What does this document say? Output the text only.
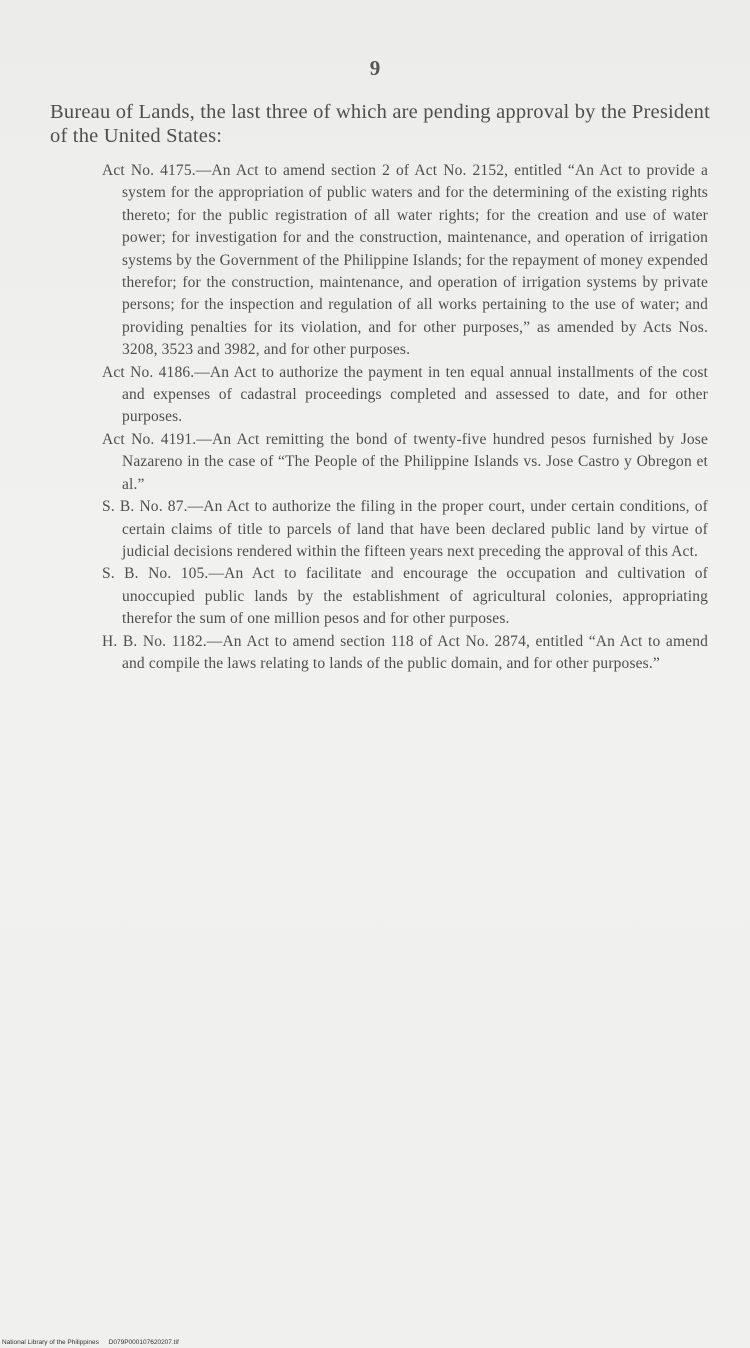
9

Bureau of Lands, the last three of which are pending approval by the President of the United States:

Act No. 4175.—An Act to amend section 2 of Act No. 2152, entitled “An Act to provide a system for the appropriation of public waters and for the determining of the existing rights thereto; for the public registration of all water rights; for the creation and use of water power; for investigation for and the construction, maintenance, and operation of irrigation systems by the Government of the Philippine Islands; for the repayment of money expended therefor; for the construction, maintenance, and operation of irrigation systems by private persons; for the inspection and regulation of all works pertaining to the use of water; and providing penalties for its violation, and for other purposes,” as amended by Acts Nos. 3208, 3523 and 3982, and for other purposes.
Act No. 4186.—An Act to authorize the payment in ten equal annual installments of the cost and expenses of cadastral proceedings completed and assessed to date, and for other purposes.
Act No. 4191.—An Act remitting the bond of twenty-five hundred pesos furnished by Jose Nazareno in the case of “The People of the Philippine Islands vs. Jose Castro y Obregon et al.”
S. B. No. 87.—An Act to authorize the filing in the proper court, under certain conditions, of certain claims of title to parcels of land that have been declared public land by virtue of judicial decisions rendered within the fifteen years next preceding the approval of this Act.
S. B. No. 105.—An Act to facilitate and encourage the occupation and cultivation of unoccupied public lands by the establishment of agricultural colonies, appropriating therefor the sum of one million pesos and for other purposes.
H. B. No. 1182.—An Act to amend section 118 of Act No. 2874, entitled “An Act to amend and compile the laws relating to lands of the public domain, and for other purposes.”
National Library of the Philippines D079P000107620207.tif
